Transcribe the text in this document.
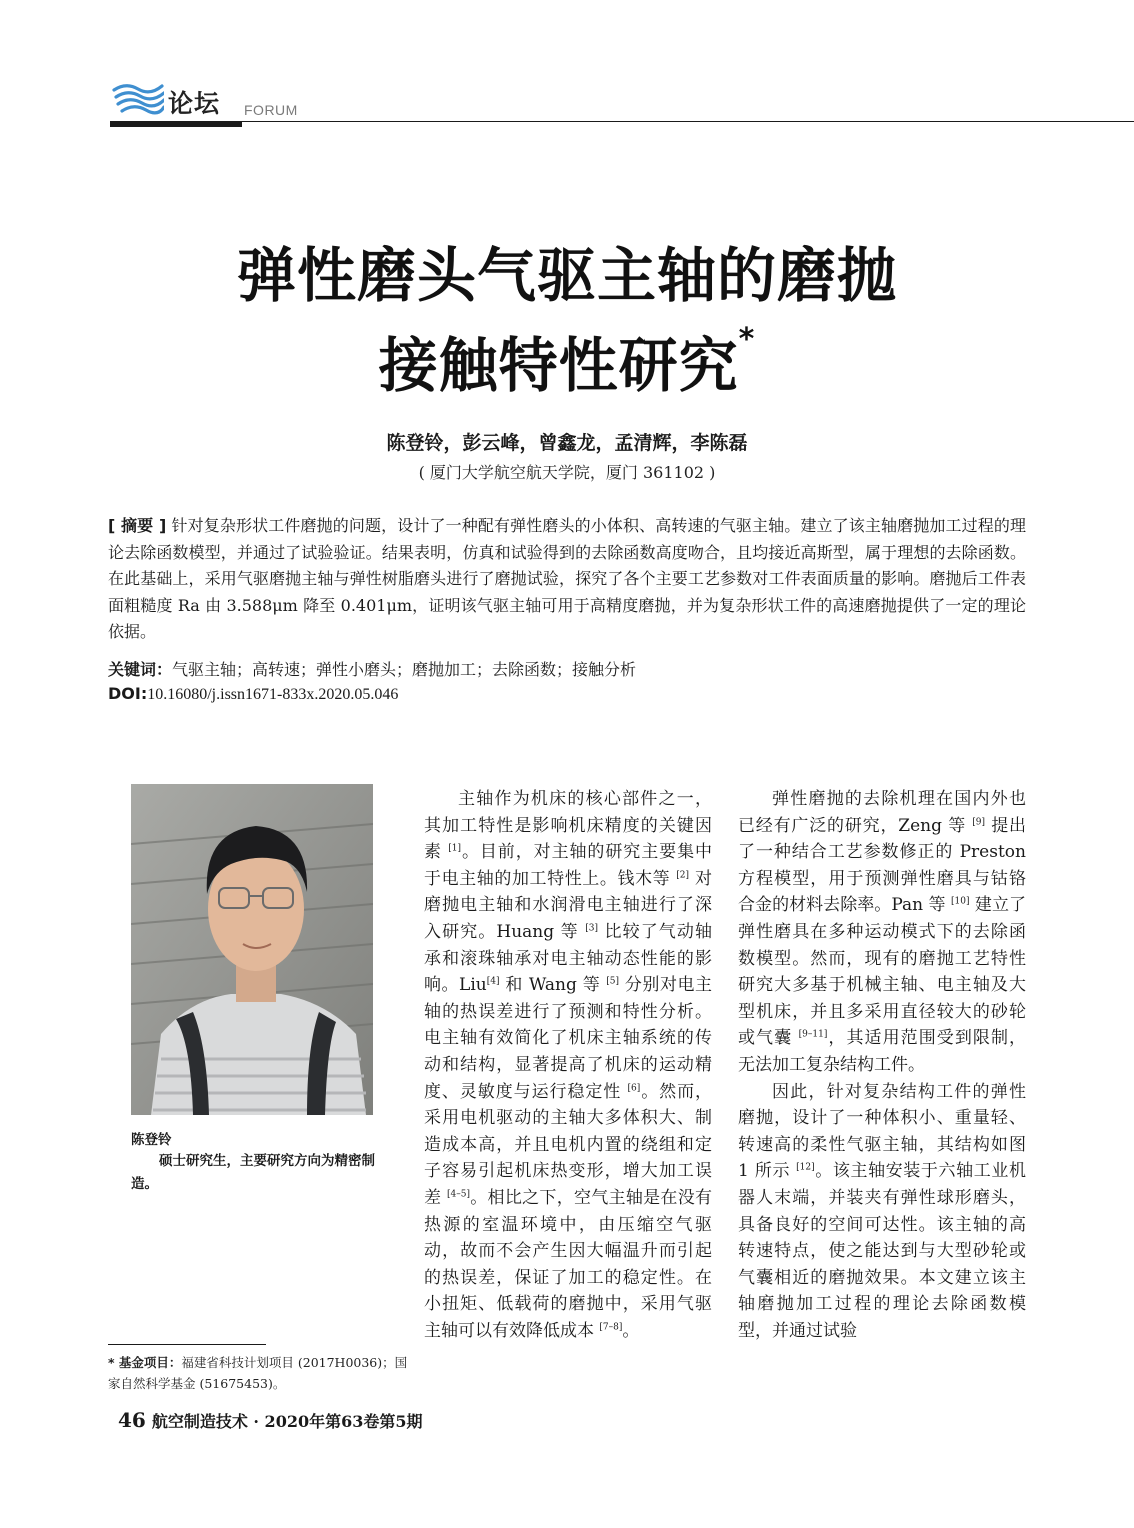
论坛 FORUM
弹性磨头气驱主轴的磨抛
接触特性研究*
陈登铃，彭云峰，曾鑫龙，孟清辉，李陈磊
( 厦门大学航空航天学院，厦门 361102 )
[ 摘要 ] 针对复杂形状工件磨抛的问题，设计了一种配有弹性磨头的小体积、高转速的气驱主轴。建立了该主轴磨抛加工过程的理论去除函数模型，并通过了试验验证。结果表明，仿真和试验得到的去除函数高度吻合，且均接近高斯型，属于理想的去除函数。在此基础上，采用气驱磨抛主轴与弹性树脂磨头进行了磨抛试验，探究了各个主要工艺参数对工件表面质量的影响。磨抛后工件表面粗糙度 Ra 由 3.588μm 降至 0.401μm，证明该气驱主轴可用于高精度磨抛，并为复杂形状工件的高速磨抛提供了一定的理论依据。
关键词：气驱主轴；高转速；弹性小磨头；磨抛加工；去除函数；接触分析
DOI:10.16080/j.issn1671-833x.2020.05.046
陈登铃
硕士研究生，主要研究方向为精密制造。
* 基金项目：福建省科技计划项目 (2017H0036)；国家自然科学基金 (51675453)。

主轴作为机床的核心部件之一，其加工特性是影响机床精度的关键因素 [1]。目前，对主轴的研究主要集中于电主轴的加工特性上。钱木等 [2] 对磨抛电主轴和水润滑电主轴进行了深入研究。Huang 等 [3] 比较了气动轴承和滚珠轴承对电主轴动态性能的影响。Liu[4] 和 Wang 等 [5] 分别对电主轴的热误差进行了预测和特性分析。电主轴有效简化了机床主轴系统的传动和结构，显著提高了机床的运动精度、灵敏度与运行稳定性 [6]。然而，采用电机驱动的主轴大多体积大、制造成本高，并且电机内置的绕组和定子容易引起机床热变形，增大加工误差 [4–5]。相比之下，空气主轴是在没有热源的室温环境中，由压缩空气驱动，故而不会产生因大幅温升而引起的热误差，保证了加工的稳定性。在小扭矩、低载荷的磨抛中，采用气驱主轴可以有效降低成本 [7–8]。

弹性磨抛的去除机理在国内外也已经有广泛的研究，Zeng 等 [9] 提出了一种结合工艺参数修正的 Preston 方程模型，用于预测弹性磨具与钴铬合金的材料去除率。Pan 等 [10] 建立了弹性磨具在多种运动模式下的去除函数模型。然而，现有的磨抛工艺特性研究大多基于机械主轴、电主轴及大型机床，并且多采用直径较大的砂轮或气囊 [9–11]，其适用范围受到限制，无法加工复杂结构工件。

因此，针对复杂结构工件的弹性磨抛，设计了一种体积小、重量轻、转速高的柔性气驱主轴，其结构如图 1 所示 [12]。该主轴安装于六轴工业机器人末端，并装夹有弹性球形磨头，具备良好的空间可达性。该主轴的高转速特点，使之能达到与大型砂轮或气囊相近的磨抛效果。本文建立该主轴磨抛加工过程的理论去除函数模型，并通过试验

46 航空制造技术 · 2020年第63卷第5期
